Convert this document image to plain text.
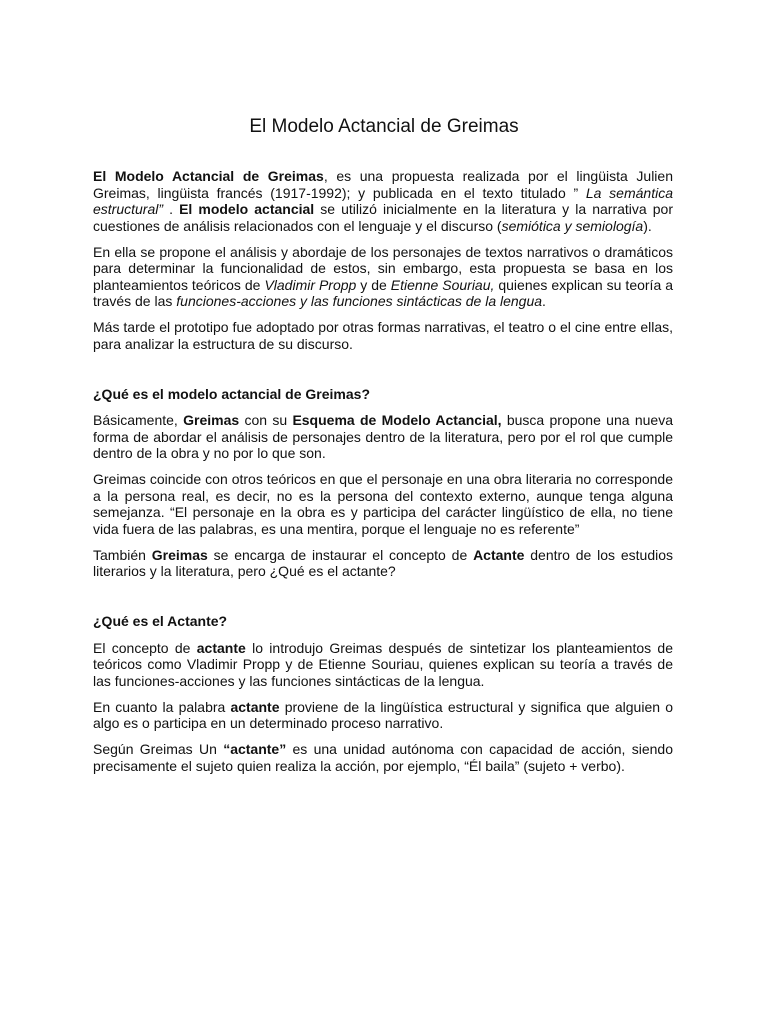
El Modelo Actancial de Greimas

El Modelo Actancial de Greimas, es una propuesta realizada por el lingüista Julien Greimas, lingüista francés (1917-1992); y publicada en el texto titulado ” La semántica estructural” . El modelo actancial se utilizó inicialmente en la literatura y la narrativa por cuestiones de análisis relacionados con el lenguaje y el discurso (semiótica y semiología).

En ella se propone el análisis y abordaje de los personajes de textos narrativos o dramáticos para determinar la funcionalidad de estos, sin embargo, esta propuesta se basa en los planteamientos teóricos de Vladimir Propp y de Etienne Souriau, quienes explican su teoría a través de las funciones-acciones y las funciones sintácticas de la lengua.

Más tarde el prototipo fue adoptado por otras formas narrativas, el teatro o el cine entre ellas, para analizar la estructura de su discurso.

¿Qué es el modelo actancial de Greimas?

Básicamente, Greimas con su Esquema de Modelo Actancial, busca propone una nueva forma de abordar el análisis de personajes dentro de la literatura, pero por el rol que cumple dentro de la obra y no por lo que son.

Greimas coincide con otros teóricos en que el personaje en una obra literaria no corresponde a la persona real, es decir, no es la persona del contexto externo, aunque tenga alguna semejanza. “El personaje en la obra es y participa del carácter lingüístico de ella, no tiene vida fuera de las palabras, es una mentira, porque el lenguaje no es referente”

También Greimas se encarga de instaurar el concepto de Actante dentro de los estudios literarios y la literatura, pero ¿Qué es el actante?

¿Qué es el Actante?

El concepto de actante lo introdujo Greimas después de sintetizar los planteamientos de teóricos como Vladimir Propp y de Etienne Souriau, quienes explican su teoría a través de las funciones-acciones y las funciones sintácticas de la lengua.

En cuanto la palabra actante proviene de la lingüística estructural y significa que alguien o algo es o participa en un determinado proceso narrativo.

Según Greimas Un “actante” es una unidad autónoma con capacidad de acción, siendo precisamente el sujeto quien realiza la acción, por ejemplo, “Él baila” (sujeto + verbo).
